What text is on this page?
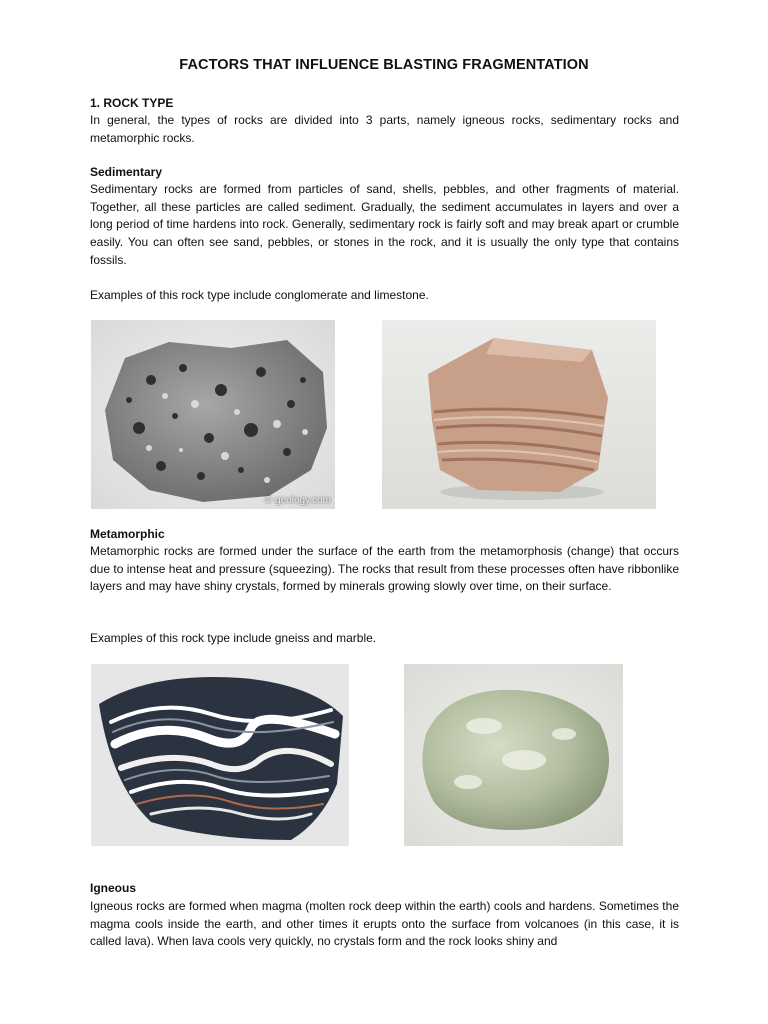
FACTORS THAT INFLUENCE BLASTING FRAGMENTATION
1. ROCK TYPE
In general, the types of rocks are divided into 3 parts, namely igneous rocks, sedimentary rocks and metamorphic rocks.
Sedimentary
Sedimentary rocks are formed from particles of sand, shells, pebbles, and other fragments of material. Together, all these particles are called sediment. Gradually, the sediment accumulates in layers and over a long period of time hardens into rock. Generally, sedimentary rock is fairly soft and may break apart or crumble easily. You can often see sand, pebbles, or stones in the rock, and it is usually the only type that contains fossils.
Examples of this rock type include conglomerate and limestone.
© geology.com
Metamorphic
Metamorphic rocks are formed under the surface of the earth from the metamorphosis (change) that occurs due to intense heat and pressure (squeezing). The rocks that result from these processes often have ribbonlike layers and may have shiny crystals, formed by minerals growing slowly over time, on their surface.
Examples of this rock type include gneiss and marble.
Igneous
Igneous rocks are formed when magma (molten rock deep within the earth) cools and hardens. Sometimes the magma cools inside the earth, and other times it erupts onto the surface from volcanoes (in this case, it is called lava). When lava cools very quickly, no crystals form and the rock looks shiny and
